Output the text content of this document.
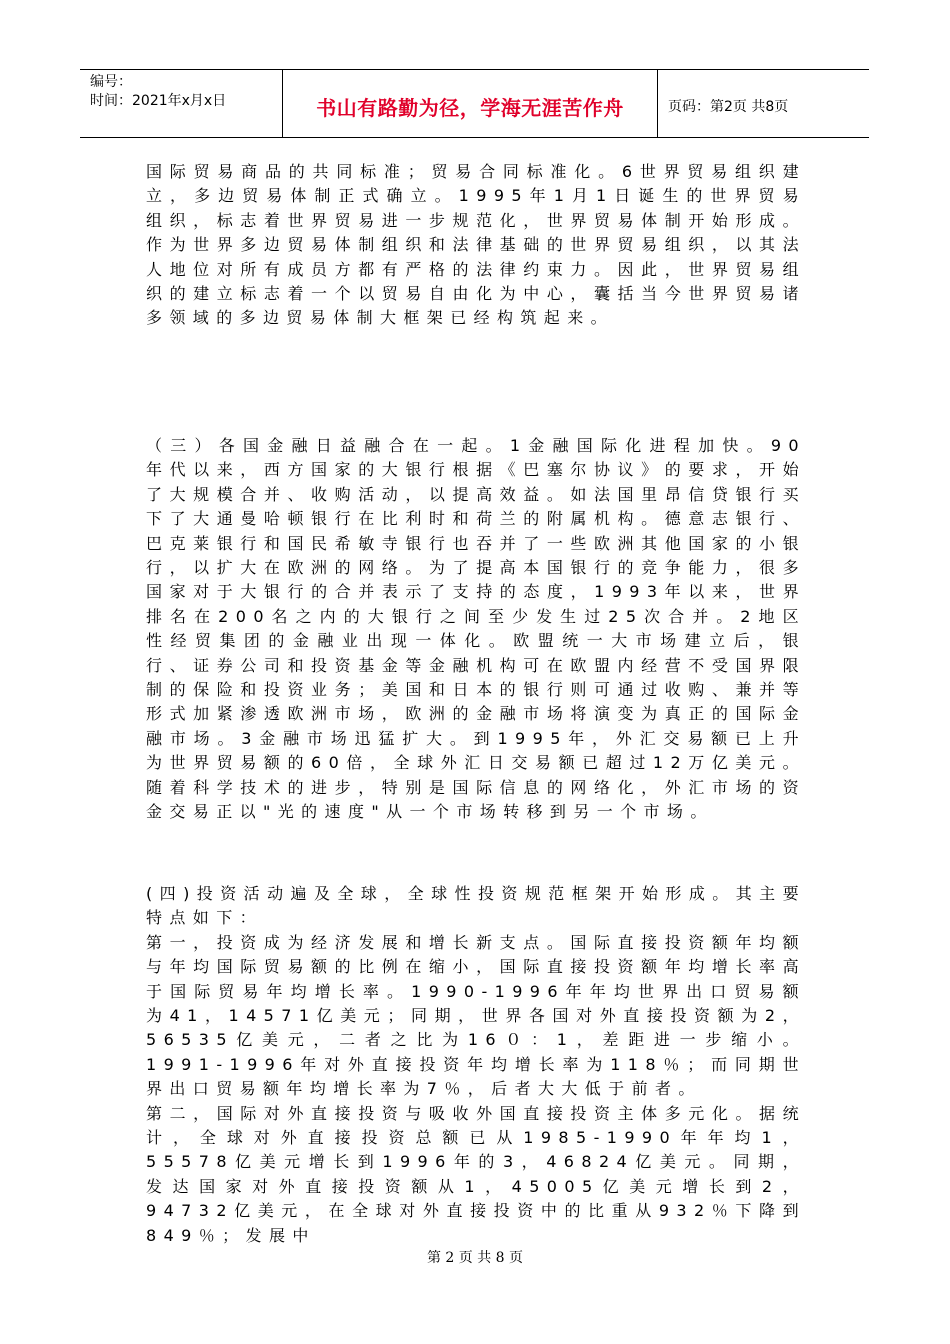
编号：
时间：2021年x月x日	书山有路勤为径，学海无涯苦作舟	页码：第2页 共8页

国际贸易商品的共同标准；贸易合同标准化。6世界贸易组织建立，多边贸易体制正式确立。1995年1月1日诞生的世界贸易组织，标志着世界贸易进一步规范化，世界贸易体制开始形成。作为世界多边贸易体制组织和法律基础的世界贸易组织，以其法人地位对所有成员方都有严格的法律约束力。因此，世界贸易组织的建立标志着一个以贸易自由化为中心，囊括当今世界贸易诸多领域的多边贸易体制大框架已经构筑起来。

（三）各国金融日益融合在一起。1金融国际化进程加快。90年代以来，西方国家的大银行根据《巴塞尔协议》的要求，开始了大规模合并、收购活动，以提高效益。如法国里昂信贷银行买下了大通曼哈顿银行在比利时和荷兰的附属机构。德意志银行、巴克莱银行和国民希敏寺银行也吞并了一些欧洲其他国家的小银行，以扩大在欧洲的网络。为了提高本国银行的竞争能力，很多国家对于大银行的合并表示了支持的态度，1993年以来，世界排名在200名之内的大银行之间至少发生过25次合并。2地区性经贸集团的金融业出现一体化。欧盟统一大市场建立后，银行、证券公司和投资基金等金融机构可在欧盟内经营不受国界限制的保险和投资业务；美国和日本的银行则可通过收购、兼并等形式加紧渗透欧洲市场，欧洲的金融市场将演变为真正的国际金融市场。3金融市场迅猛扩大。到1995年，外汇交易额已上升为世界贸易额的60倍，全球外汇日交易额已超过12万亿美元。随着科学技术的进步，特别是国际信息的网络化，外汇市场的资金交易正以"光的速度"从一个市场转移到另一个市场。

(四)投资活动遍及全球，全球性投资规范框架开始形成。其主要特点如下：

第一，投资成为经济发展和增长新支点。国际直接投资额年均额与年均国际贸易额的比例在缩小，国际直接投资额年均增长率高于国际贸易年均增长率。1990-1996年年均世界出口贸易额为41，14571亿美元；同期，世界各国对外直接投资额为2，56535亿美元，二者之比为16０：1，差距进一步缩小。1991-1996年对外直接投资年均增长率为118％；而同期世界出口贸易额年均增长率为7％，后者大大低于前者。

第二，国际对外直接投资与吸收外国直接投资主体多元化。据统计，全球对外直接投资总额已从1985-1990年年均1，55578亿美元增长到1996年的3，46824亿美元。同期，发达国家对外直接投资额从1，45005亿美元增长到2，94732亿美元，在全球对外直接投资中的比重从932％下降到849％；发展中

第 2 页 共 8 页
